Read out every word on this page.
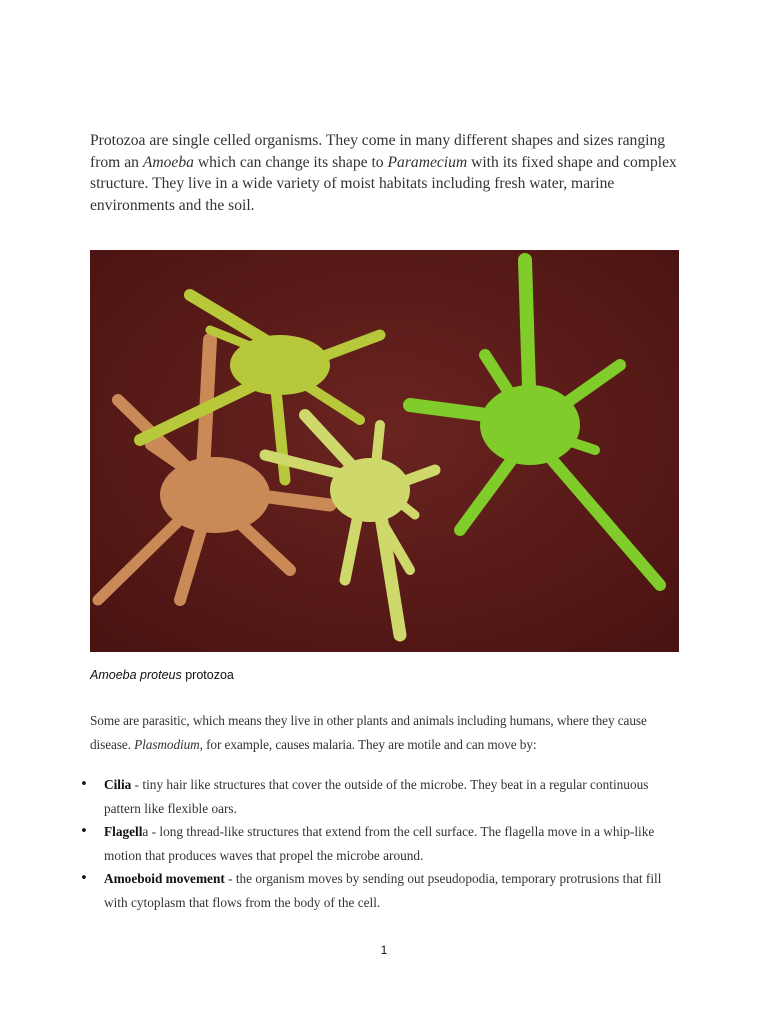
Protozoa are single celled organisms. They come in many different shapes and sizes ranging from an Amoeba which can change its shape to Paramecium with its fixed shape and complex structure. They live in a wide variety of moist habitats including fresh water, marine environments and the soil.

Amoeba proteus protozoa

Some are parasitic, which means they live in other plants and animals including humans, where they cause disease. Plasmodium, for example, causes malaria. They are motile and can move by:

• Cilia - tiny hair like structures that cover the outside of the microbe. They beat in a regular continuous pattern like flexible oars.
• Flagella - long thread-like structures that extend from the cell surface. The flagella move in a whip-like motion that produces waves that propel the microbe around.
• Amoeboid movement - the organism moves by sending out pseudopodia, temporary protrusions that fill with cytoplasm that flows from the body of the cell.
1
